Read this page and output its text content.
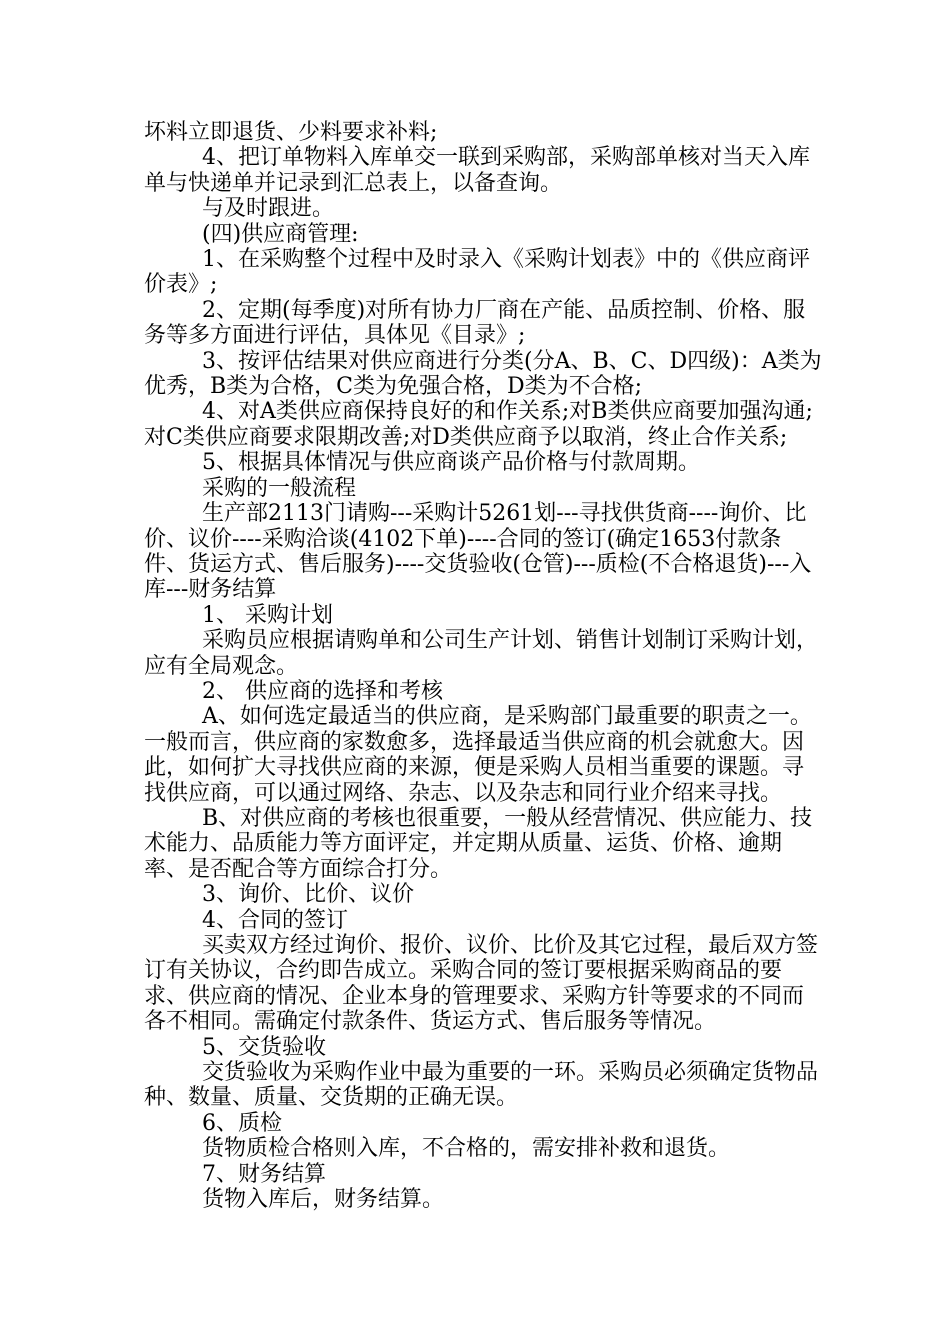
坏料立即退货、少料要求补料;

4、把订单物料入库单交一联到采购部，采购部单核对当天入库单与快递单并记录到汇总表上，以备查询。

与及时跟进。

(四)供应商管理:

1、在采购整个过程中及时录入《采购计划表》中的《供应商评价表》;

2、定期(每季度)对所有协力厂商在产能、品质控制、价格、服务等多方面进行评估，具体见《目录》;

3、按评估结果对供应商进行分类(分A、B、C、D四级)：A类为优秀，B类为合格，C类为免强合格，D类为不合格;

4、对A类供应商保持良好的和作关系;对B类供应商要加强沟通;对C类供应商要求限期改善;对D类供应商予以取消，终止合作关系;

5、根据具体情况与供应商谈产品价格与付款周期。

采购的一般流程

生产部2113门请购---采购计5261划---寻找供货商----询价、比价、议价----采购洽谈(4102下单)----合同的签订(确定1653付款条件、货运方式、售后服务)----交货验收(仓管)---质检(不合格退货)---入库---财务结算

1、 采购计划

采购员应根据请购单和公司生产计划、销售计划制订采购计划，应有全局观念。

2、 供应商的选择和考核

A、如何选定最适当的供应商，是采购部门最重要的职责之一。一般而言，供应商的家数愈多，选择最适当供应商的机会就愈大。因此，如何扩大寻找供应商的来源，便是采购人员相当重要的课题。寻找供应商，可以通过网络、杂志、以及杂志和同行业介绍来寻找。

B、对供应商的考核也很重要，一般从经营情况、供应能力、技术能力、品质能力等方面评定，并定期从质量、运货、价格、逾期率、是否配合等方面综合打分。

3、询价、比价、议价

4、合同的签订

买卖双方经过询价、报价、议价、比价及其它过程，最后双方签订有关协议，合约即告成立。采购合同的签订要根据采购商品的要求、供应商的情况、企业本身的管理要求、采购方针等要求的不同而各不相同。需确定付款条件、货运方式、售后服务等情况。

5、交货验收

交货验收为采购作业中最为重要的一环。采购员必须确定货物品种、数量、质量、交货期的正确无误。

6、质检

货物质检合格则入库，不合格的，需安排补救和退货。

7、财务结算

货物入库后，财务结算。
